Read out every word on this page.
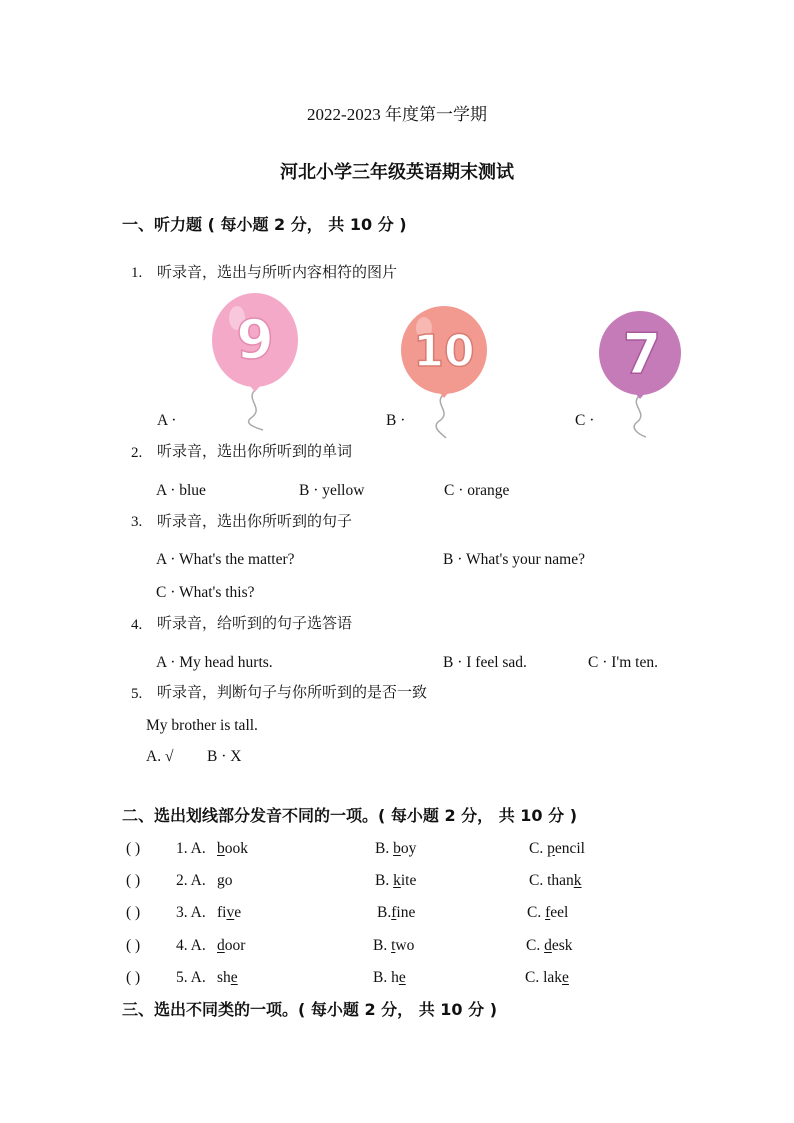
2022-2023 年度第一学期
河北小学三年级英语期末测试
一、听力题 ( 每小题 2 分， 共 10 分 )
1. 听录音，选出与所听内容相符的图片
9	10	7
A ·	B ·	C ·
2. 听录音，选出你所听到的单词
A · blue	B · yellow	C · orange
3. 听录音，选出你所听到的句子
A · What's the matter?	B · What's your name?
C · What's this?
4. 听录音，给听到的句子选答语
A · My head hurts.	B · I feel sad.	C · I'm ten.
5. 听录音，判断句子与你所听到的是否一致
My brother is tall.
A. √ B · X
二、选出划线部分发音不同的一项。( 每小题 2 分， 共 10 分 )
( ) 1. A. book	B. boy	C. pencil
( ) 2. A. go	B. kite	C. thank
( ) 3. A. five	B.fine	C. feel
( ) 4. A. door	B. two	C. desk
( ) 5. A. she	B. he	C. lake
三、选出不同类的一项。( 每小题 2 分， 共 10 分 )
